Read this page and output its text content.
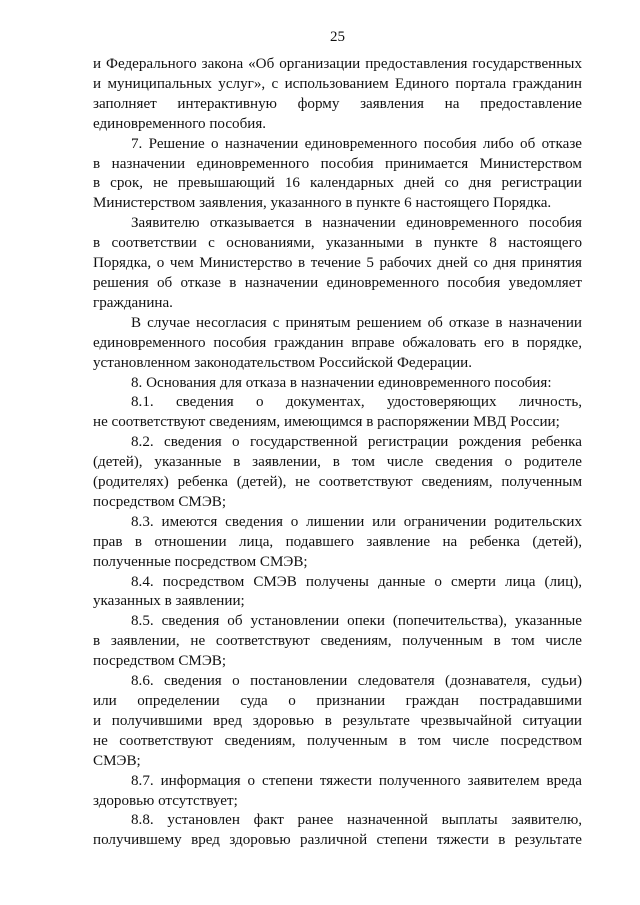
25
и Федерального закона «Об организации предоставления государственных
и муниципальных услуг», с использованием Единого портала гражданин
заполняет интерактивную форму заявления на предоставление
единовременного пособия.
7. Решение о назначении единовременного пособия либо об отказе
в назначении единовременного пособия принимается Министерством
в срок, не превышающий 16 календарных дней со дня регистрации
Министерством заявления, указанного в пункте 6 настоящего Порядка.
Заявителю отказывается в назначении единовременного пособия
в соответствии с основаниями, указанными в пункте 8 настоящего
Порядка, о чем Министерство в течение 5 рабочих дней со дня принятия
решения об отказе в назначении единовременного пособия уведомляет
гражданина.
В случае несогласия с принятым решением об отказе в назначении
единовременного пособия гражданин вправе обжаловать его в порядке,
установленном законодательством Российской Федерации.
8. Основания для отказа в назначении единовременного пособия:
8.1. сведения о документах, удостоверяющих личность,
не соответствуют сведениям, имеющимся в распоряжении МВД России;
8.2. сведения о государственной регистрации рождения ребенка
(детей), указанные в заявлении, в том числе сведения о родителе
(родителях) ребенка (детей), не соответствуют сведениям, полученным
посредством СМЭВ;
8.3. имеются сведения о лишении или ограничении родительских
прав в отношении лица, подавшего заявление на ребенка (детей),
полученные посредством СМЭВ;
8.4. посредством СМЭВ получены данные о смерти лица (лиц),
указанных в заявлении;
8.5. сведения об установлении опеки (попечительства), указанные
в заявлении, не соответствуют сведениям, полученным в том числе
посредством СМЭВ;
8.6. сведения о постановлении следователя (дознавателя, судьи)
или определении суда о признании граждан пострадавшими
и получившими вред здоровью в результате чрезвычайной ситуации
не соответствуют сведениям, полученным в том числе посредством
СМЭВ;
8.7. информация о степени тяжести полученного заявителем вреда
здоровью отсутствует;
8.8. установлен факт ранее назначенной выплаты заявителю,
получившему вред здоровью различной степени тяжести в результате
